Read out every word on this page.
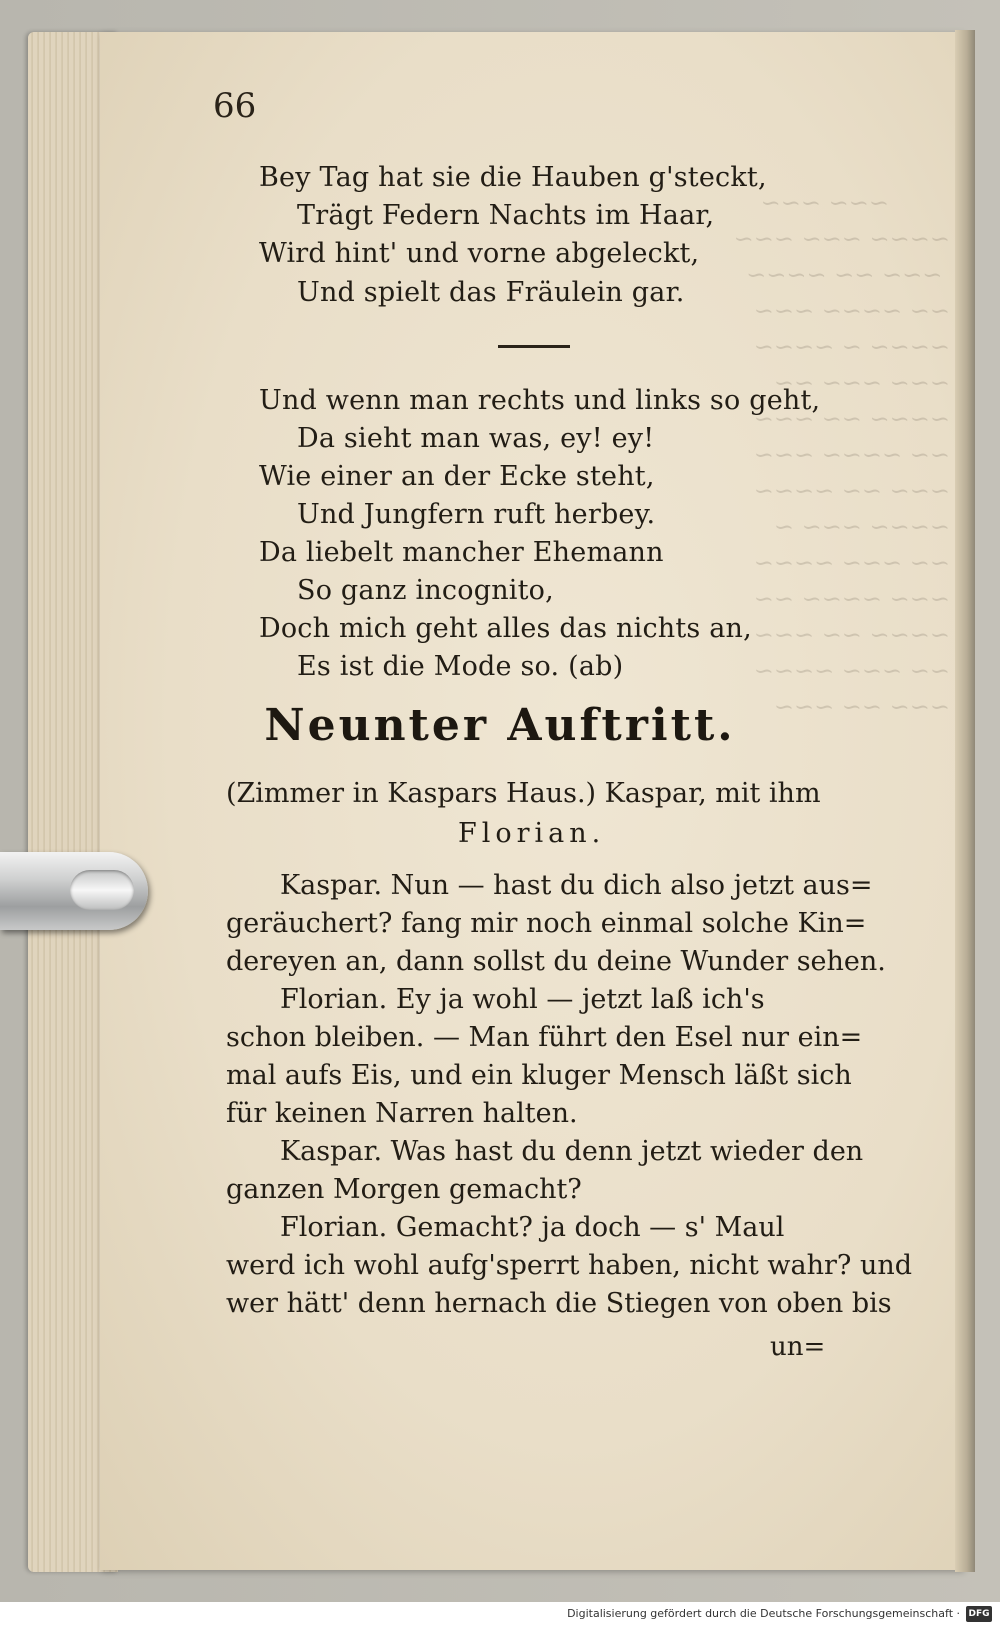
~~~ ~~~
~~~~ ~~~ ~~~
~~~ ~~ ~~~~
~~ ~~~~ ~~~
~~~~ ~ ~~~~
~~~ ~~~ ~~
~~~~ ~~ ~~~
~~ ~~~~ ~~~
~~~ ~~ ~~~~
~~~~ ~~~ ~
~~ ~~~ ~~~~
~~~ ~~~~ ~~
~~~~ ~~ ~~~
~~ ~~~ ~~~~
~~~ ~~ ~~~
66
Bey Tag hat sie die Hauben g'steckt,
Trägt Federn Nachts im Haar,
Wird hint' und vorne abgeleckt,
Und spielt das Fräulein gar.
Und wenn man rechts und links so geht,
Da sieht man was, ey! ey!
Wie einer an der Ecke steht,
Und Jungfern ruft herbey.
Da liebelt mancher Ehemann
So ganz incognito,
Doch mich geht alles das nichts an,
Es ist die Mode so. (ab)
Neunter Auftritt.
(Zimmer in Kaspars Haus.) Kaspar, mit ihm
Florian.
Kaspar. Nun — hast du dich also jetzt aus=
geräuchert? fang mir noch einmal solche Kin=
dereyen an, dann sollst du deine Wunder sehen.
Florian. Ey ja wohl — jetzt laß ich's
schon bleiben. — Man führt den Esel nur ein=
mal aufs Eis, und ein kluger Mensch läßt sich
für keinen Narren halten.
Kaspar. Was hast du denn jetzt wieder den
ganzen Morgen gemacht?
Florian. Gemacht? ja doch — s' Maul
werd ich wohl aufg'sperrt haben, nicht wahr? und
wer hätt' denn hernach die Stiegen von oben bis
un=
Digitalisierung gefördert durch die Deutsche Forschungsgemeinschaft · DFG
